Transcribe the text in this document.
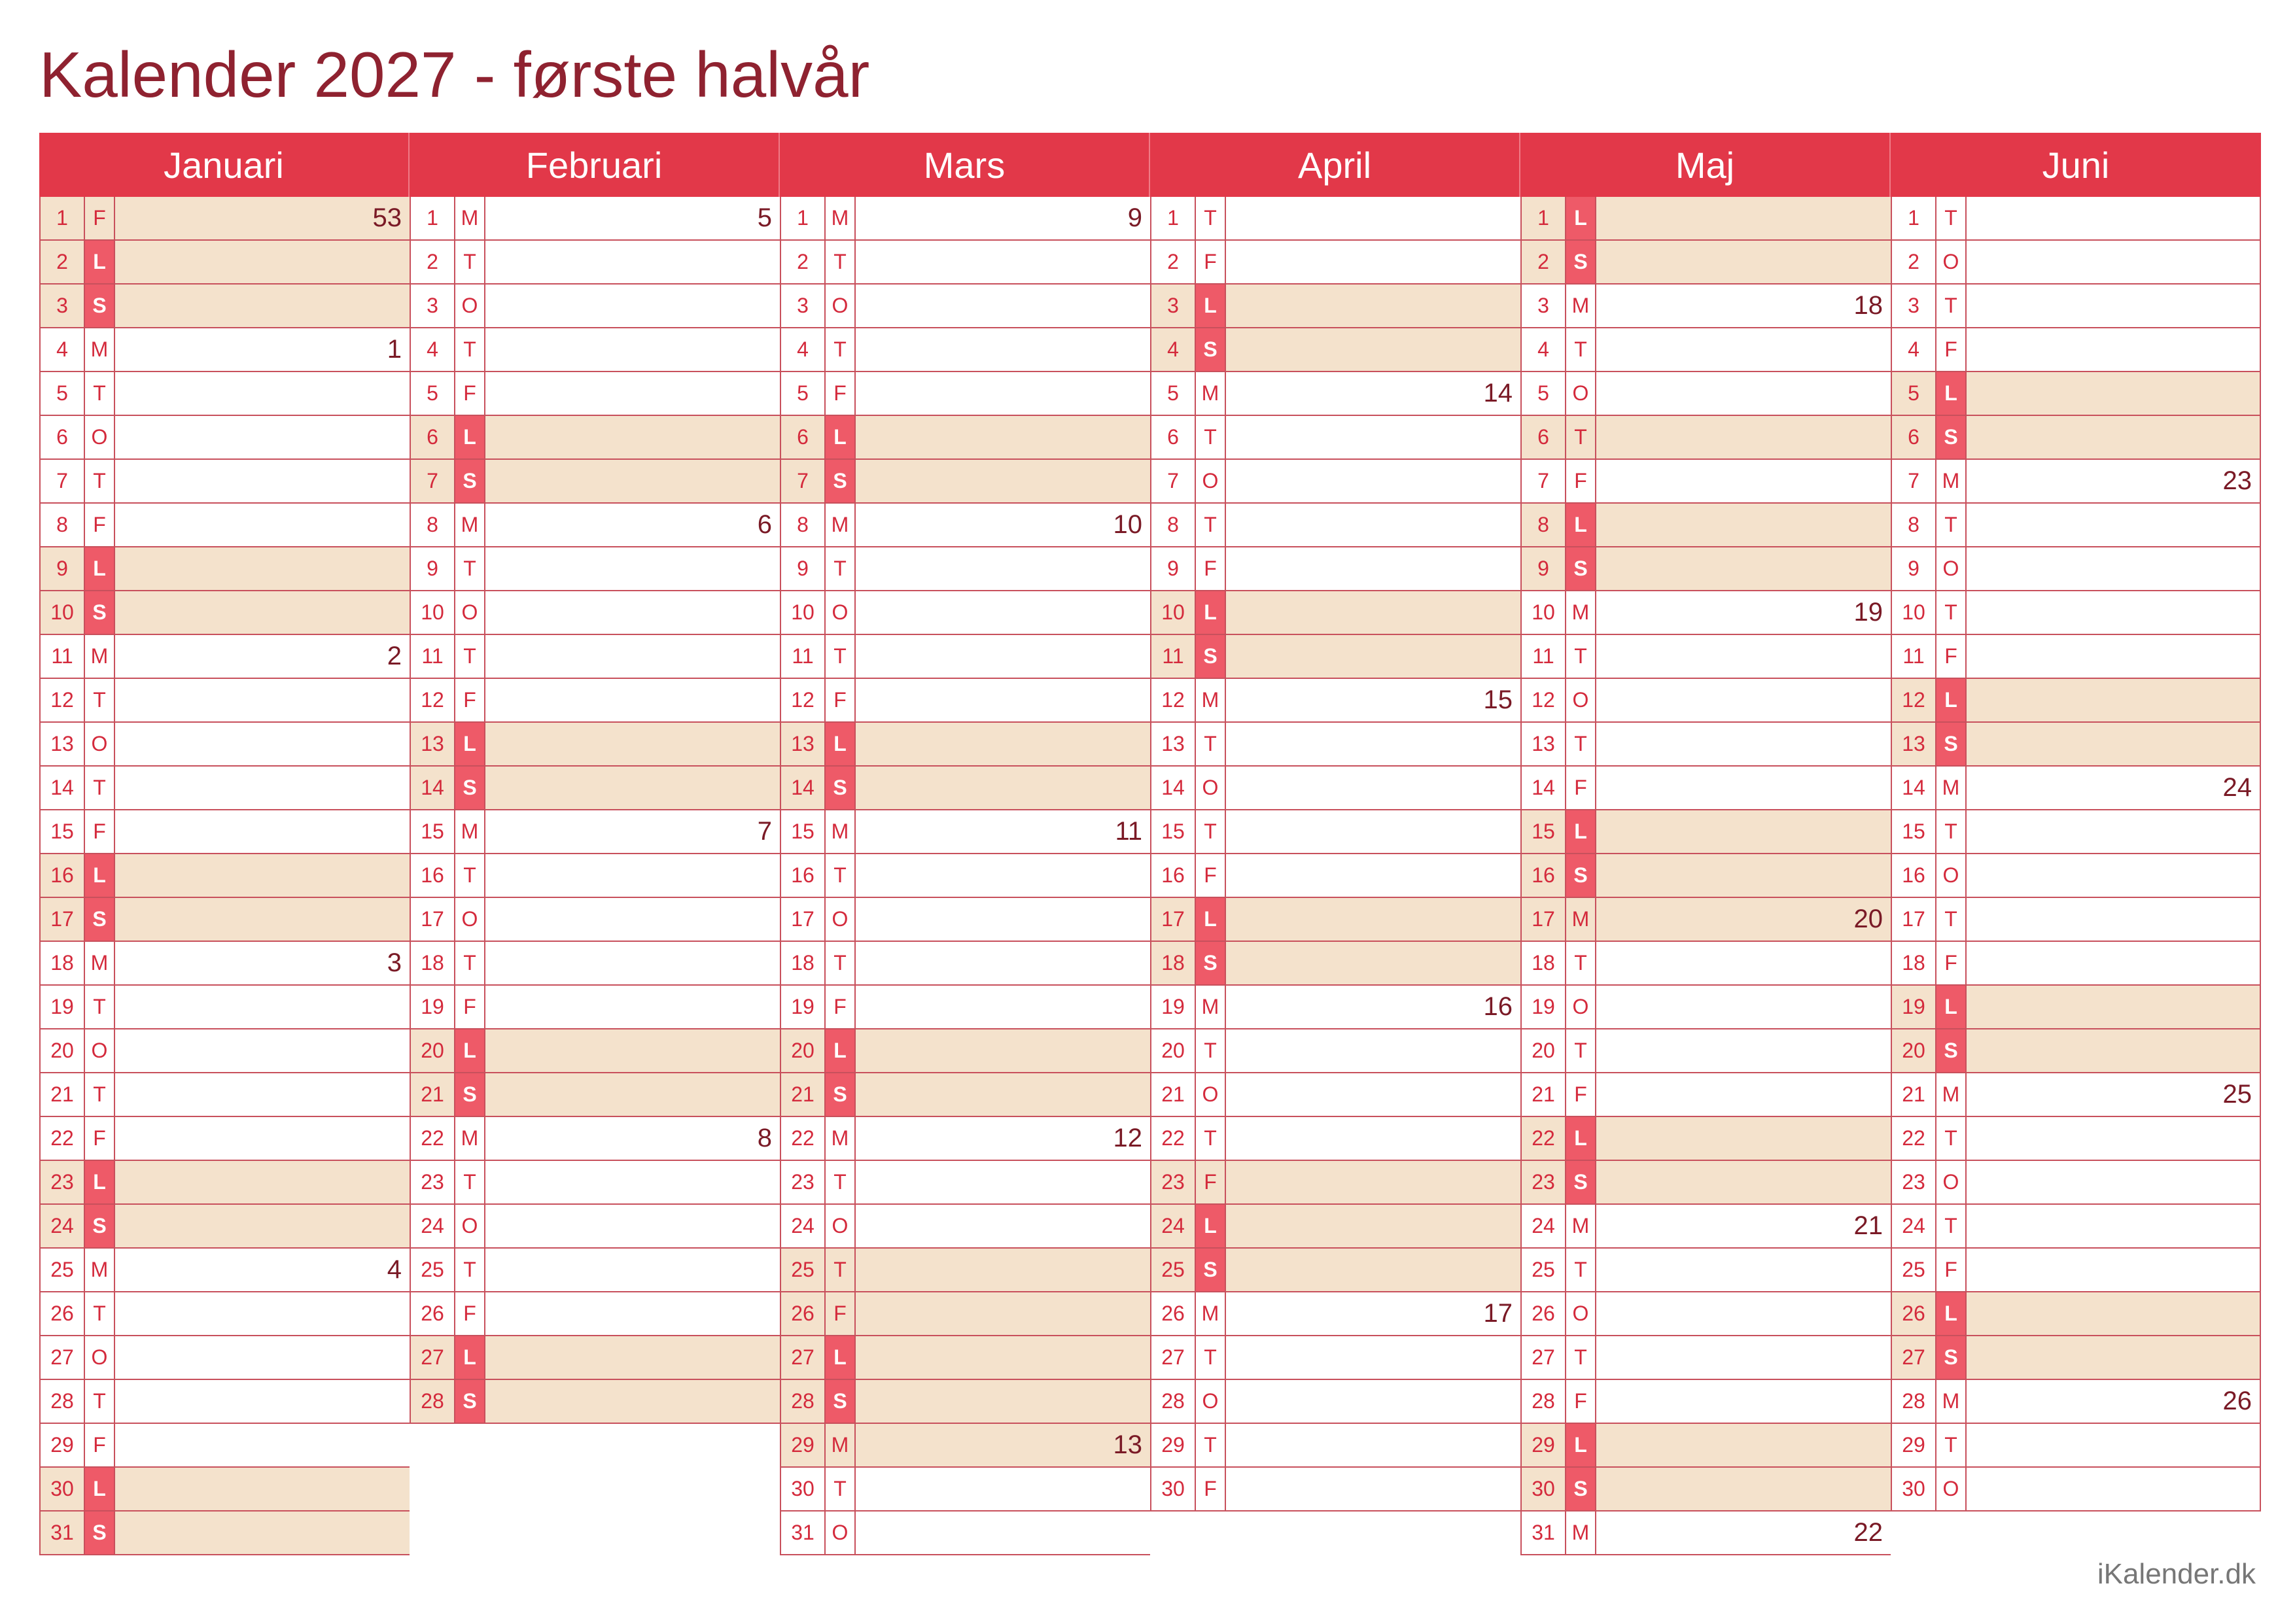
Kalender 2027 - første halvår
Januari
1	F	53
2	L
3	S
4	M	1
5	T
6	O
7	T
8	F
9	L
10 S
11 M	2
12 T
13 O
14 T
15 F
16 L
17 S
18 M	3
19 T
20 O
21 T
22 F
23 L
24 S
25 M	4
26 T
27 O
28 T
29 F
30 L
31 S
Februari
1	M	5
2	T
3	O
4	T
5	F
6	L
7	S
8	M	6
9	T
10 O
11 T
12 F
13 L
14 S
15 M	7
16 T
17 O
18 T
19 F
20 L
21 S
22 M	8
23 T
24 O
25 T
26 F
27 L
28 S
Mars
1	M	9
2	T
3	O
4	T
5	F
6	L
7	S
8	M	10
9	T
10 O
11 T
12 F
13 L
14 S
15 M	11
16 T
17 O
18 T
19 F
20 L
21 S
22 M	12
23 T
24 O
25 T
26 F
27 L
28 S
29 M	13
30 T
31 O
April
1	T
2	F
3	L
4	S
5	M	14
6	T
7	O
8	T
9	F
10 L
11 S
12 M	15
13 T
14 O
15 T
16 F
17 L
18 S
19 M	16
20 T
21 O
22 T
23 F
24 L
25 S
26 M	17
27 T
28 O
29 T
30 F
Maj
1	L
2	S
3	M	18
4	T
5	O
6	T
7	F
8	L
9	S
10 M	19
11 T
12 O
13 T
14 F
15 L
16 S
17 M	20
18 T
19 O
20 T
21 F
22 L
23 S
24 M	21
25 T
26 O
27 T
28 F
29 L
30 S
31 M	22
Juni
1	T
2	O
3	T
4	F
5	L
6	S
7	M	23
8	T
9	O
10 T
11 F
12 L
13 S
14 M	24
15 T
16 O
17 T
18 F
19 L
20 S
21 M	25
22 T
23 O
24 T
25 F
26 L
27 S
28 M	26
29 T
30 O
iKalender.dk
